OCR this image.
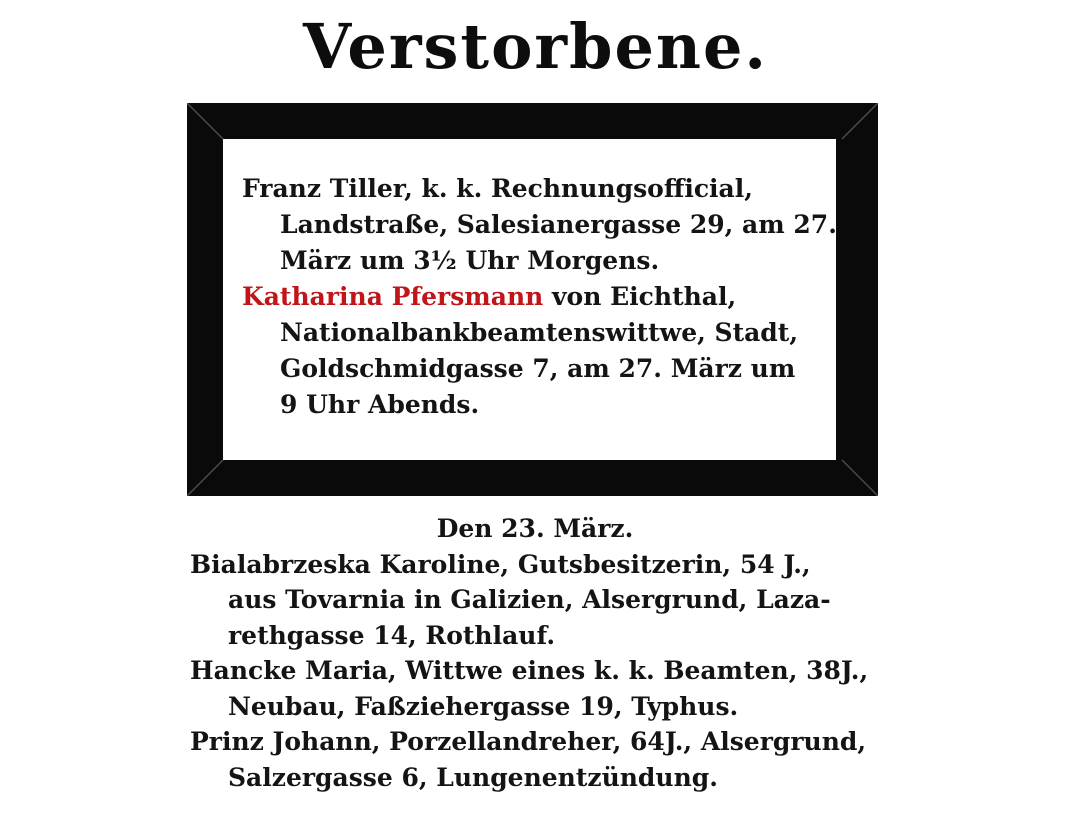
Verstorbene.
Franz Tiller, k. k. Rechnungsofficial,
Landstraße, Salesianergasse 29, am 27.
März um 3½ Uhr Morgens.
Katharina Pfersmann von Eichthal,
Nationalbankbeamtenswittwe, Stadt,
Goldschmidgasse 7, am 27. März um
9 Uhr Abends.
Den 23. März.
Bialabrzeska Karoline, Gutsbesitzerin, 54 J.,
aus Tovarnia in Galizien, Alsergrund, Laza-
rethgasse 14, Rothlauf.
Hancke Maria, Wittwe eines k. k. Beamten, 38J.,
Neubau, Faßziehergasse 19, Typhus.
Prinz Johann, Porzellandreher, 64J., Alsergrund,
Salzergasse 6, Lungenentzündung.
